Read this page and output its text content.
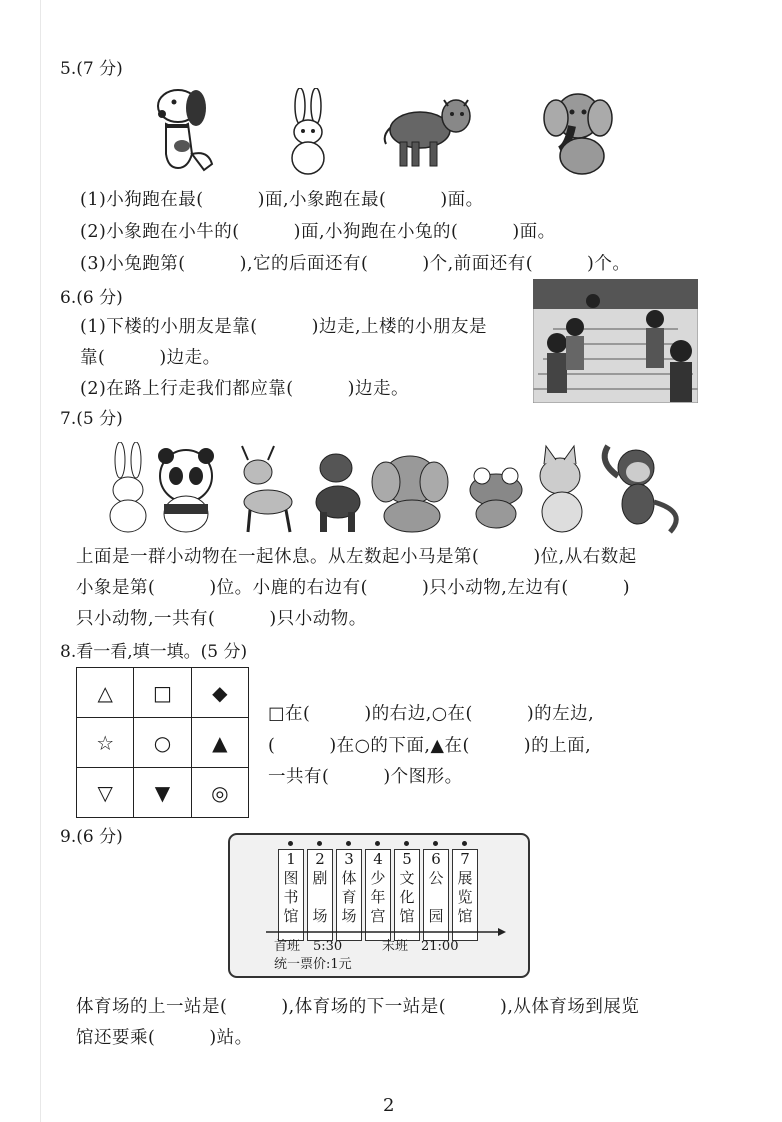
5.(7 分)
(1)小狗跑在最(　　　)面,小象跑在最(　　　)面。
(2)小象跑在小牛的(　　　)面,小狗跑在小兔的(　　　)面。
(3)小兔跑第(　　　),它的后面还有(　　　)个,前面还有(　　　)个。
6.(6 分)
(1)下楼的小朋友是靠(　　　)边走,上楼的小朋友是
靠(　　　)边走。
(2)在路上行走我们都应靠(　　　)边走。
7.(5 分)
上面是一群小动物在一起休息。从左数起小马是第(　　　)位,从右数起
小象是第(　　　)位。小鹿的右边有(　　　)只小动物,左边有(　　　)
只小动物,一共有(　　　)只小动物。
8.看一看,填一填。(5 分)
△	□	◆
☆	○	▲
▽	▼	◎
□在(　　　)的右边,○在(　　　)的左边,
(　　　)在○的下面,▲在(　　　)的上面,
一共有(　　　)个图形。
9.(6 分)
1
图
书
馆
2
剧
场
3
体
育
场
4
少
年
宫
5
文
化
馆
6
公
园
7
展
览
馆
首班　5:30	末班　21:00
统一票价:1元
体育场的上一站是(　　　),体育场的下一站是(　　　),从体育场到展览
馆还要乘(　　　)站。
2
